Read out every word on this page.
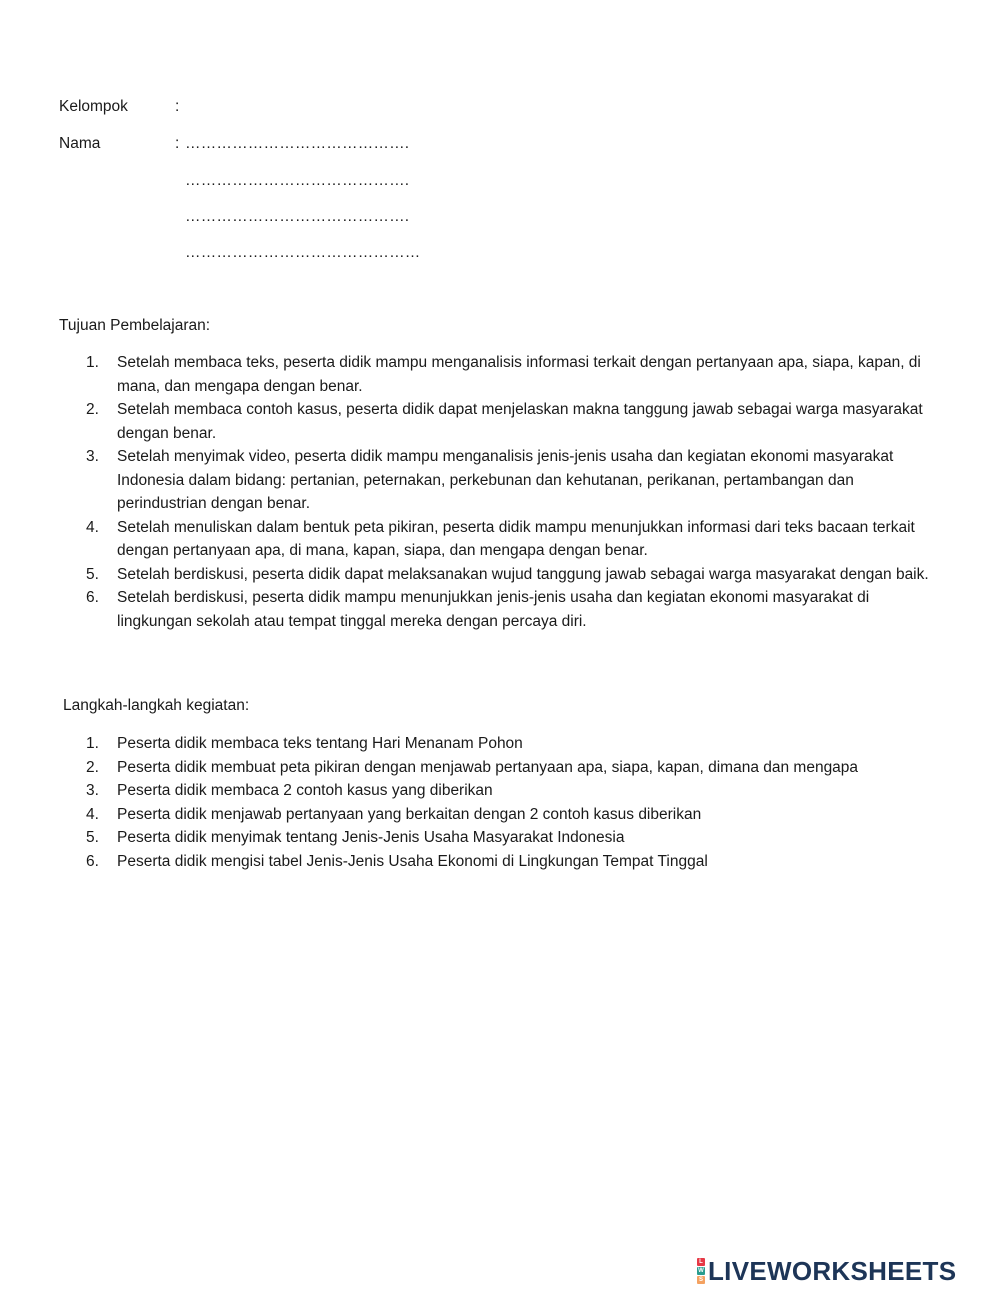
Kelompok	:
Nama	: …………………………………….
…………………………………….
…………………………………….
………………………………………
Tujuan Pembelajaran:
1. Setelah membaca teks, peserta didik mampu menganalisis informasi terkait dengan pertanyaan apa, siapa, kapan, di mana, dan mengapa dengan benar.
2. Setelah membaca contoh kasus, peserta didik dapat menjelaskan makna tanggung jawab sebagai warga masyarakat dengan benar.
3. Setelah menyimak video, peserta didik mampu menganalisis jenis-jenis usaha dan kegiatan ekonomi masyarakat Indonesia dalam bidang: pertanian, peternakan, perkebunan dan kehutanan, perikanan, pertambangan dan perindustrian dengan benar.
4. Setelah menuliskan dalam bentuk peta pikiran, peserta didik mampu menunjukkan informasi dari teks bacaan terkait dengan pertanyaan apa, di mana, kapan, siapa, dan mengapa dengan benar.
5. Setelah berdiskusi, peserta didik dapat melaksanakan wujud tanggung jawab sebagai warga masyarakat dengan baik.
6. Setelah berdiskusi, peserta didik mampu menunjukkan jenis-jenis usaha dan kegiatan ekonomi masyarakat di lingkungan sekolah atau tempat tinggal mereka dengan percaya diri.
Langkah-langkah kegiatan:
1. Peserta didik membaca teks tentang Hari Menanam Pohon
2. Peserta didik membuat peta pikiran dengan menjawab pertanyaan apa, siapa, kapan, dimana dan mengapa
3. Peserta didik membaca 2 contoh kasus yang diberikan
4. Peserta didik menjawab pertanyaan yang berkaitan dengan 2 contoh kasus diberikan
5. Peserta didik menyimak tentang Jenis-Jenis Usaha Masyarakat Indonesia
6. Peserta didik mengisi tabel Jenis-Jenis Usaha Ekonomi di Lingkungan Tempat Tinggal
L
W
S LIVEWORKSHEETS
